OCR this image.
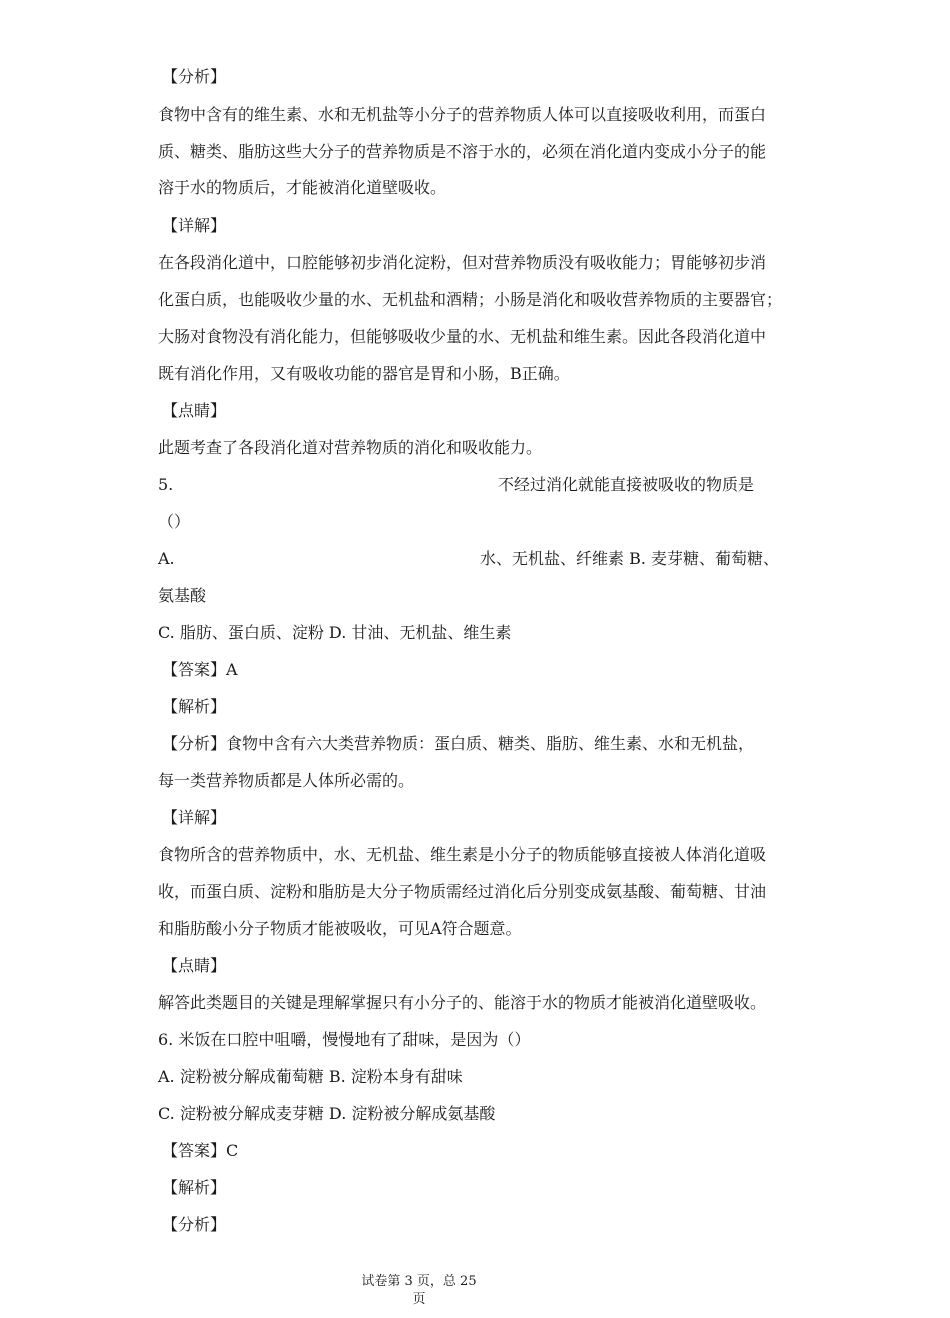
【分析】

食物中含有的维生素、水和无机盐等小分子的营养物质人体可以直接吸收利用，而蛋白

质、糖类、脂肪这些大分子的营养物质是不溶于水的，必须在消化道内变成小分子的能

溶于水的物质后，才能被消化道壁吸收。

【详解】

在各段消化道中，口腔能够初步消化淀粉，但对营养物质没有吸收能力；胃能够初步消

化蛋白质，也能吸收少量的水、无机盐和酒精；小肠是消化和吸收营养物质的主要器官；

大肠对食物没有消化能力，但能够吸收少量的水、无机盐和维生素。因此各段消化道中

既有消化作用，又有吸收功能的器官是胃和小肠，B正确。

【点睛】

此题考查了各段消化道对营养物质的消化和吸收能力。

5.	不经过消化就能直接被吸收的物质是

（）

A.	水、无机盐、纤维素 B. 麦芽糖、葡萄糖、

氨基酸

C. 脂肪、蛋白质、淀粉 D. 甘油、无机盐、维生素

【答案】A

【解析】

【分析】食物中含有六大类营养物质：蛋白质、糖类、脂肪、维生素、水和无机盐，

每一类营养物质都是人体所必需的。

【详解】

食物所含的营养物质中，水、无机盐、维生素是小分子的物质能够直接被人体消化道吸

收，而蛋白质、淀粉和脂肪是大分子物质需经过消化后分别变成氨基酸、葡萄糖、甘油

和脂肪酸小分子物质才能被吸收，可见A符合题意。

【点睛】

解答此类题目的关键是理解掌握只有小分子的、能溶于水的物质才能被消化道壁吸收。

6. 米饭在口腔中咀嚼，慢慢地有了甜味，是因为（）

A. 淀粉被分解成葡萄糖 B. 淀粉本身有甜味

C. 淀粉被分解成麦芽糖 D. 淀粉被分解成氨基酸

【答案】C

【解析】

【分析】

试卷第 3 页，总 25
页
